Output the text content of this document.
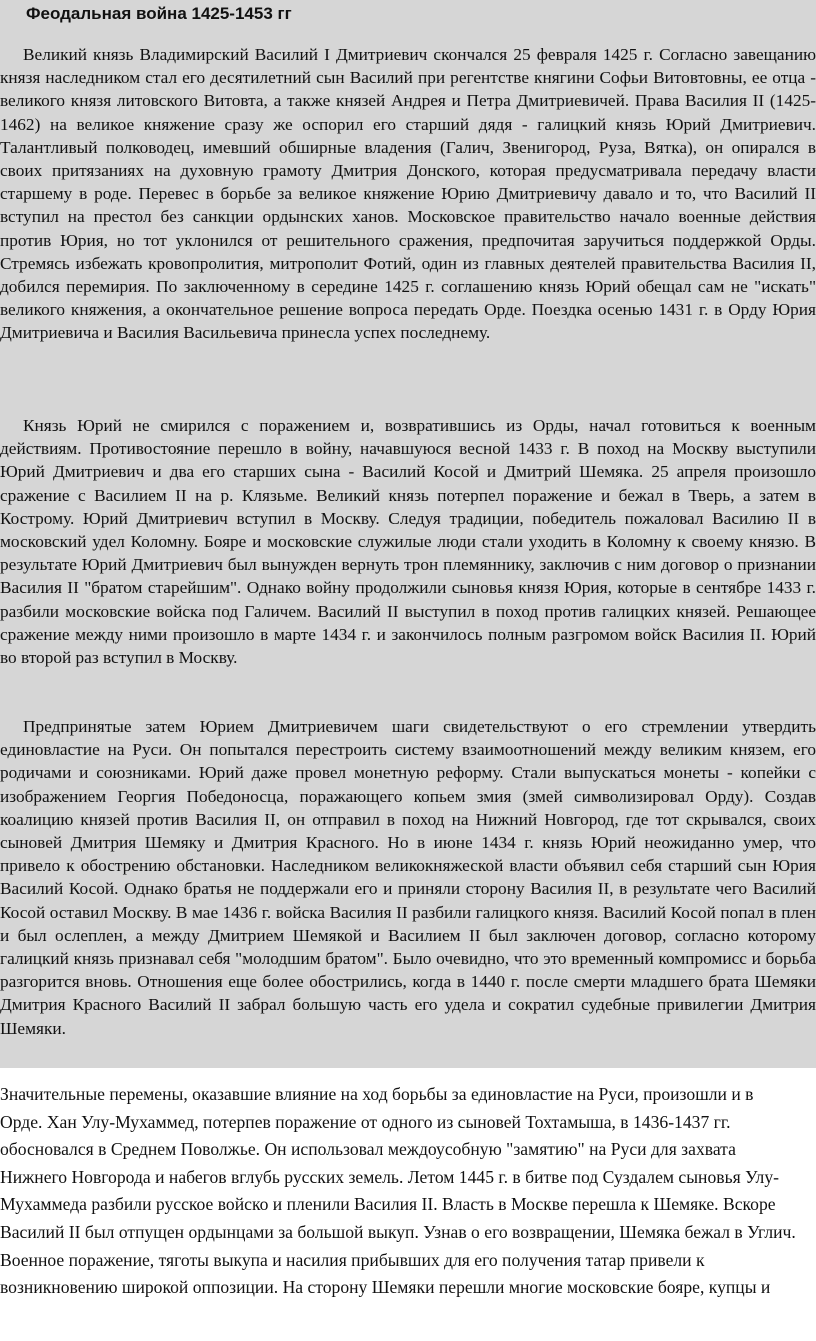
Феодальная война 1425-1453 гг

Великий князь Владимирский Василий I Дмитриевич скончался 25 февраля 1425 г. Согласно завещанию князя наследником стал его десятилетний сын Василий при регентстве княгини Софьи Витовтовны, ее отца - великого князя литовского Витовта, а также князей Андрея и Петра Дмитриевичей. Права Василия II (1425-1462) на великое княжение сразу же оспорил его старший дядя - галицкий князь Юрий Дмитриевич. Талантливый полководец, имевший обширные владения (Галич, Звенигород, Руза, Вятка), он опирался в своих притязаниях на духовную грамоту Дмитрия Донского, которая предусматривала передачу власти старшему в роде. Перевес в борьбе за великое княжение Юрию Дмитриевичу давало и то, что Василий II вступил на престол без санкции ордынских ханов. Московское правительство начало военные действия против Юрия, но тот уклонился от решительного сражения, предпочитая заручиться поддержкой Орды. Стремясь избежать кровопролития, митрополит Фотий, один из главных деятелей правительства Василия II, добился перемирия. По заключенному в середине 1425 г. соглашению князь Юрий обещал сам не "искать" великого княжения, а окончательное решение вопроса передать Орде. Поездка осенью 1431 г. в Орду Юрия Дмитриевича и Василия Васильевича принесла успех последнему.

Князь Юрий не смирился с поражением и, возвратившись из Орды, начал готовиться к военным действиям. Противостояние перешло в войну, начавшуюся весной 1433 г. В поход на Москву выступили Юрий Дмитриевич и два его старших сына - Василий Косой и Дмитрий Шемяка. 25 апреля произошло сражение с Василием II на р. Клязьме. Великий князь потерпел поражение и бежал в Тверь, а затем в Кострому. Юрий Дмитриевич вступил в Москву. Следуя традиции, победитель пожаловал Василию II в московский удел Коломну. Бояре и московские служилые люди стали уходить в Коломну к своему князю. В результате Юрий Дмитриевич был вынужден вернуть трон племяннику, заключив с ним договор о признании Василия II "братом старейшим". Однако войну продолжили сыновья князя Юрия, которые в сентябре 1433 г. разбили московские войска под Галичем. Василий II выступил в поход против галицких князей. Решающее сражение между ними произошло в марте 1434 г. и закончилось полным разгромом войск Василия II. Юрий во второй раз вступил в Москву.

Предпринятые затем Юрием Дмитриевичем шаги свидетельствуют о его стремлении утвердить единовластие на Руси. Он попытался перестроить систему взаимоотношений между великим князем, его родичами и союзниками. Юрий даже провел монетную реформу. Стали выпускаться монеты - копейки с изображением Георгия Победоносца, поражающего копьем змия (змей символизировал Орду). Создав коалицию князей против Василия II, он отправил в поход на Нижний Новгород, где тот скрывался, своих сыновей Дмитрия Шемяку и Дмитрия Красного. Но в июне 1434 г. князь Юрий неожиданно умер, что привело к обострению обстановки. Наследником великокняжеской власти объявил себя старший сын Юрия Василий Косой. Однако братья не поддержали его и приняли сторону Василия II, в результате чего Василий Косой оставил Москву. В мае 1436 г. войска Василия II разбили галицкого князя. Василий Косой попал в плен и был ослеплен, а между Дмитрием Шемякой и Василием II был заключен договор, согласно которому галицкий князь признавал себя "молодшим братом". Было очевидно, что это временный компромисс и борьба разгорится вновь. Отношения еще более обострились, когда в 1440 г. после смерти младшего брата Шемяки Дмитрия Красного Василий II забрал большую часть его удела и сократил судебные привилегии Дмитрия Шемяки.

Значительные перемены, оказавшие влияние на ход борьбы за единовластие на Руси, произошли и в Орде. Хан Улу-Мухаммед, потерпев поражение от одного из сыновей Тохтамыша, в 1436-1437 гг. обосновался в Среднем Поволжье. Он использовал междоусобную "замятию" на Руси для захвата Нижнего Новгорода и набегов вглубь русских земель. Летом 1445 г. в битве под Суздалем сыновья Улу-Мухаммеда разбили русское войско и пленили Василия II. Власть в Москве перешла к Шемяке. Вскоре Василий II был отпущен ордынцами за большой выкуп. Узнав о его возвращении, Шемяка бежал в Углич. Военное поражение, тяготы выкупа и насилия прибывших для его получения татар привели к возникновению широкой оппозиции. На сторону Шемяки перешли многие московские бояре, купцы и
